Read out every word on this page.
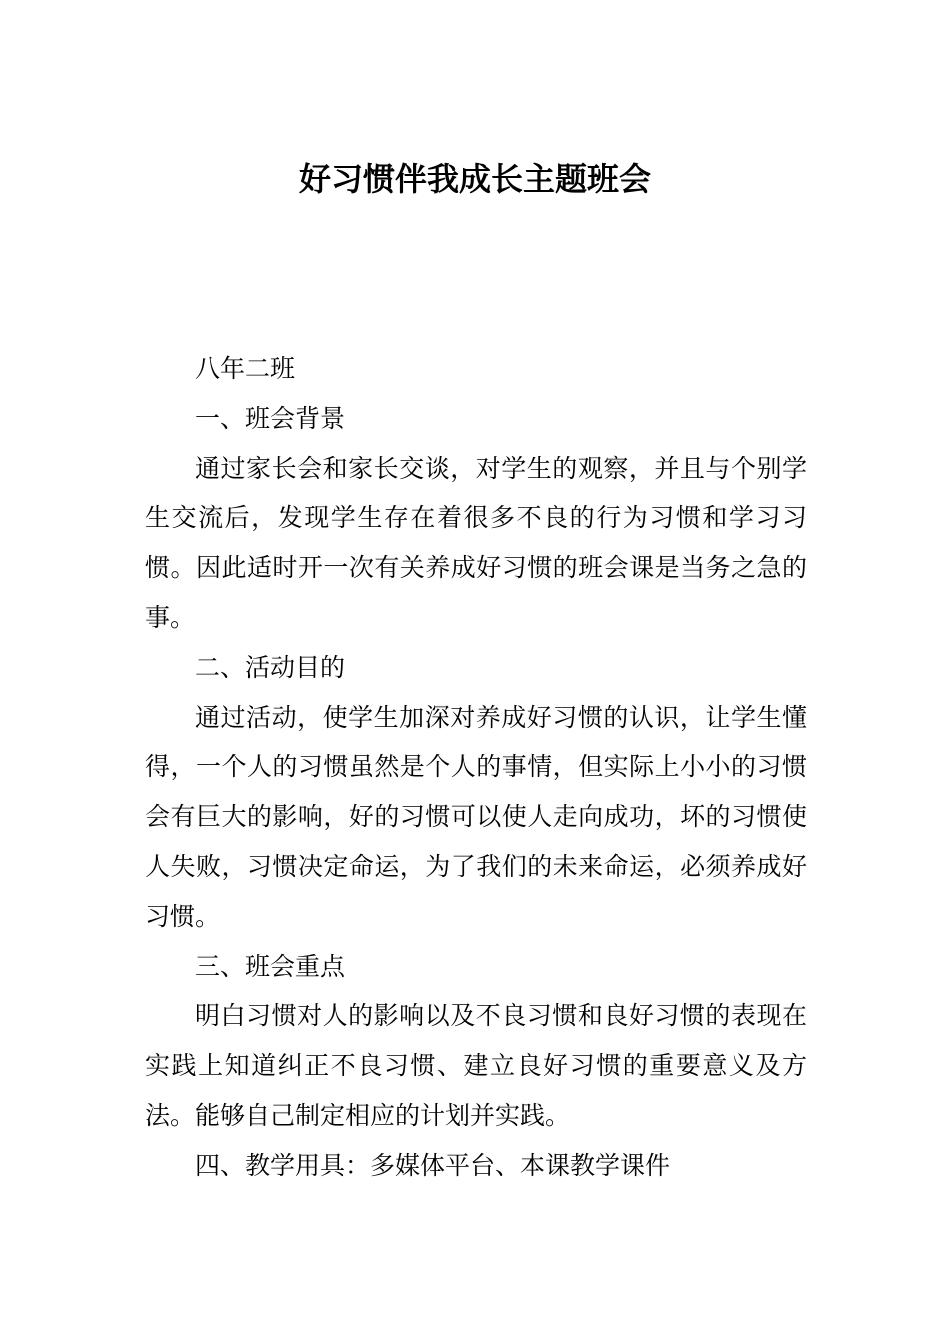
好习惯伴我成长主题班会

八年二班

一、班会背景

通过家长会和家长交谈，对学生的观察，并且与个别学生交流后，发现学生存在着很多不良的行为习惯和学习习惯。因此适时开一次有关养成好习惯的班会课是当务之急的事。

二、活动目的

通过活动，使学生加深对养成好习惯的认识，让学生懂得，一个人的习惯虽然是个人的事情，但实际上小小的习惯会有巨大的影响，好的习惯可以使人走向成功，坏的习惯使人失败，习惯决定命运，为了我们的未来命运，必须养成好习惯。

三、班会重点

明白习惯对人的影响以及不良习惯和良好习惯的表现在实践上知道纠正不良习惯、建立良好习惯的重要意义及方法。能够自己制定相应的计划并实践。

四、教学用具：多媒体平台、本课教学课件
